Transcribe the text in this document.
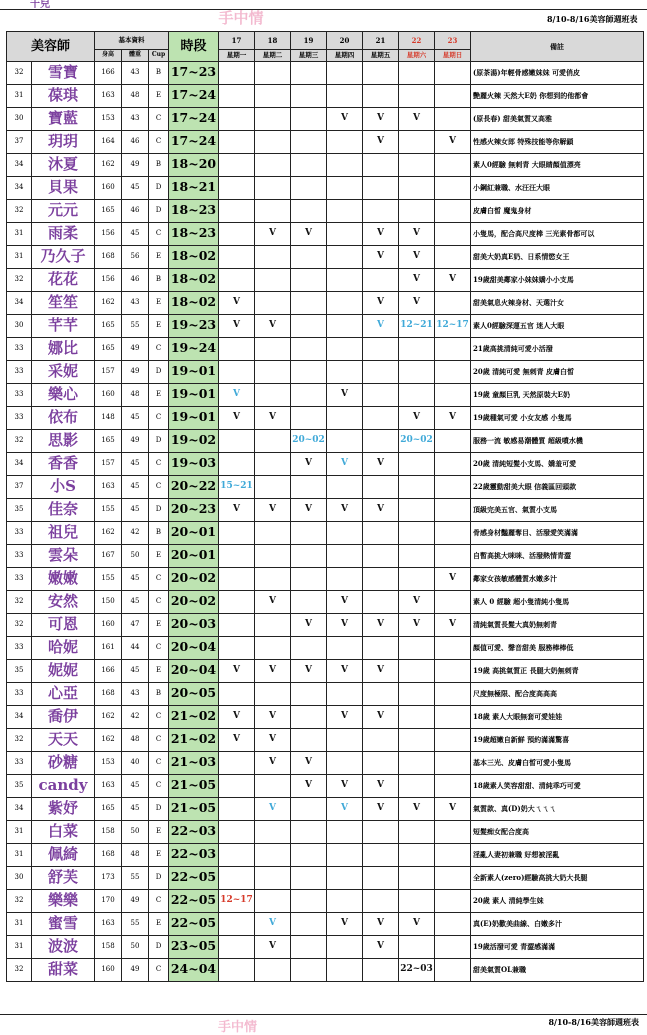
千兒
手中情 8/10-8/16美容師週班表													

美容師		基本資料			時段	17	18	19	20	21	22	23	備註
		身高	體重	Cup		星期一	星期二	星期三	星期四	星期五	星期六	星期日	
32	雪寶	166	43	B	17~23								(原茶湯)年輕骨感嫩妹妹 可愛俏皮
31	葆琪	163	48	E	17~24								艷麗火辣 天然大E奶 你想到的他都會
30	寶藍	153	43	C	17~24				V	V	V		(原長春) 甜美氣質又高雅
37	玥玥	164	46	C	17~24					V		V	性感火辣女郎 特殊技能等你解鎖
34	沐夏	162	49	B	18~20								素人0經驗 無刺青 大眼睛顏值漂亮
34	貝果	160	45	D	18~21								小鋼紅兼職、水汪汪大眼
32	元元	165	46	D	18~23								皮膚白皙 魔鬼身材
31	雨柔	156	45	C	18~23		V	V		V	V		小隻馬，配合高尺度棒 三光素骨都可以
31	乃久子	168	56	E	18~02					V	V		甜美大奶真E奶、日系情慾女王
32	花花	156	46	B	18~02						V	V	19歲甜美鄰家小妹妹嬌小小支馬
34	笙笙	162	43	E	18~02	V				V	V		甜美氣息火辣身材、天選汁女
30	芊芊	165	55	E	19~23	V	V			V	12~21	12~17	素人0經驗深運五官 迷人大眼
33	娜比	165	49	C	19~24								21歲高挑清純可愛小活潑
33	采妮	157	49	D	19~01								20歲 清純可愛 無刺青 皮膚白皙
33	樂心	160	48	E	19~01	V			V				19歲 童顏巨乳 天然原裝大E奶
33	依布	148	45	C	19~01	V	V				V	V	19歲種氣可愛 小女友感 小隻馬
32	思影	165	49	D	19~02			20~02			20~02		服務一流 敏感易潮體質 超級噴水機
34	香香	157	45	C	19~03			V	V	V			20歲 清純短髮小支馬、嬌羞可愛
37	小S	163	45	C	20~22	15~21							22歲靈動甜美大眼 信義區回頭款
35	佳奈	155	45	D	20~23	V	V	V	V	V			頂級完美五官、氣質小支馬
33	祖兒	162	42	B	20~01								骨感身材豔麗奪目、活潑愛笑滿滿
33	雲朵	167	50	E	20~01								自暫高挑大咪咪、活潑熱情青澀
33	嫩嫩	155	45	C	20~02							V	鄰家女孩敏感體質水嫩多汁
32	安然	150	45	C	20~02		V		V		V		素人 0 經驗 超小隻清純小隻馬
32	可恩	160	47	E	20~03			V	V	V	V	V	清純氣質長髮大真奶無刺青
33	哈妮	161	44	C	20~04								顏值可愛、聲音甜美 服務棒棒低
35	妮妮	166	45	E	20~04	V	V	V	V	V			19歲 高挑氣質正 長腿大奶無刺青
33	心亞	168	43	B	20~05								尺度無極限、配合度高高高
34	喬伊	162	42	C	21~02	V	V		V	V			18歲 素人大眼無套可愛娃娃
32	天天	162	48	C	21~02	V	V						19歲超嫩自新鮮 預約滿滿驚喜
33	砂糖	153	40	C	21~03		V	V					基本三光、皮膚白皙可愛小隻馬
35	candy	163	45	C	21~05			V	V	V			18歲素人笑容甜甜、清純乖巧可愛
34	紫妤	165	45	D	21~05		V		V	V	V	V	氣質款、真(D)奶大ㄟㄟㄟ
31	白菜	158	50	E	22~03								短髮痴女配合度高
31	佩綺	168	48	E	22~03								淫亂人妻初兼職 好想被淫亂
30	舒芙	173	55	D	22~05								全新素人(zero)經驗高挑大奶大長腿
32	樂樂	170	49	C	22~05	12~17							20歲 素人 清純學生妹
31	蜜雪	163	55	E	22~05		V		V	V	V		真(E)奶歡美曲線、白嫩多汁
31	波波	158	50	D	23~05		V			V			19歲活潑可愛 青澀感滿滿
32	甜菜	160	49	C	24~04						22~03		甜美氣質OL兼職
手中情	8/10-8/16美容師週班表
